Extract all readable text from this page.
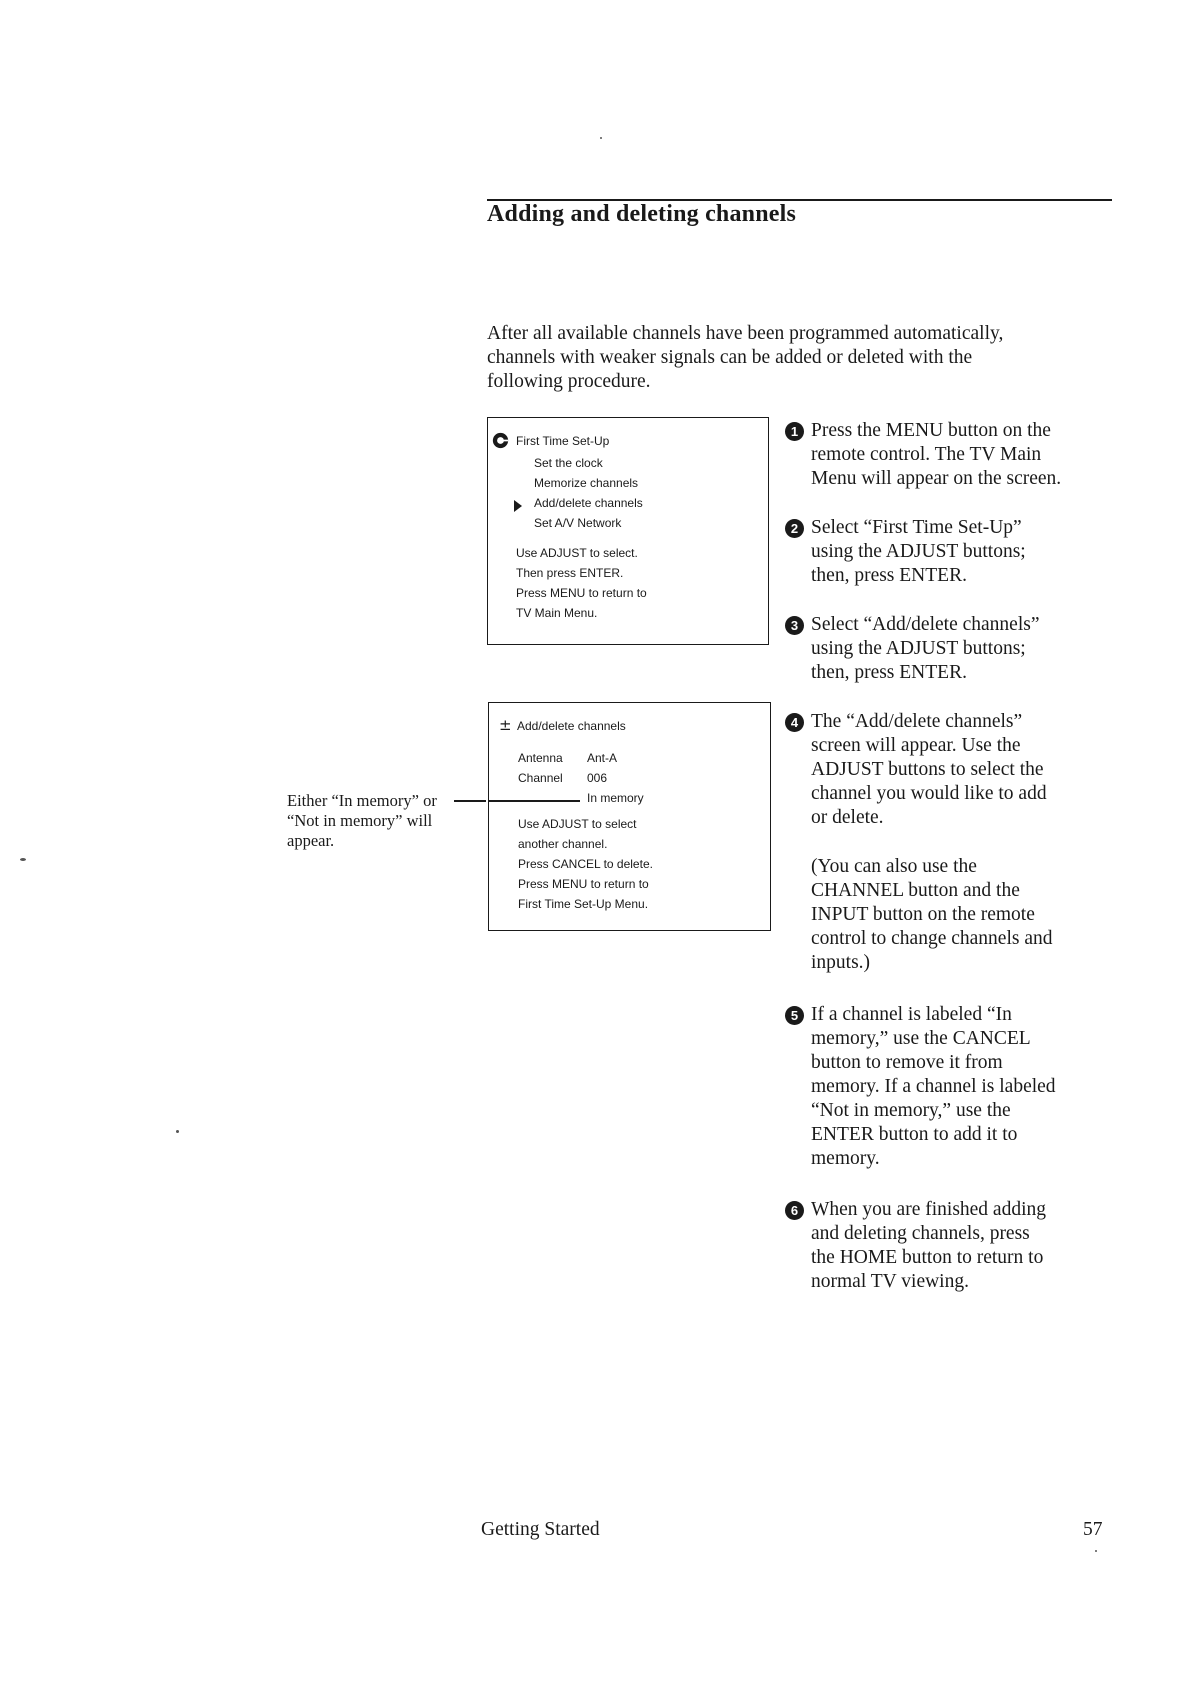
Adding and deleting channels

After all available channels have been programmed automatically,

channels with weaker signals can be added or deleted with the

following procedure.

First Time Set-Up
Set the clock
Memorize channels
Add/delete channels
Set A/V Network
Use ADJUST to select.
Then press ENTER.
Press MENU to return to
TV Main Menu.
± Add/delete channels
Antenna Ant-A
Channel 006
In memory
Use ADJUST to select
another channel.
Press CANCEL to delete.
Press MENU to return to
First Time Set-Up Menu.

Either “In memory” or

“Not in memory” will

appear.

1 Press the MENU button on the
remote control. The TV Main
Menu will appear on the screen.
2 Select “First Time Set-Up”
using the ADJUST buttons;
then, press ENTER.
3 Select “Add/delete channels”
using the ADJUST buttons;
then, press ENTER.
4 The “Add/delete channels”
screen will appear. Use the
ADJUST buttons to select the
channel you would like to add
or delete.
(You can also use the
CHANNEL button and the
INPUT button on the remote
control to change channels and
inputs.)
5 If a channel is labeled “In
memory,” use the CANCEL
button to remove it from
memory. If a channel is labeled
“Not in memory,” use the
ENTER button to add it to
memory.
6 When you are finished adding
and deleting channels, press
the HOME button to return to
normal TV viewing.
Getting Started	57
